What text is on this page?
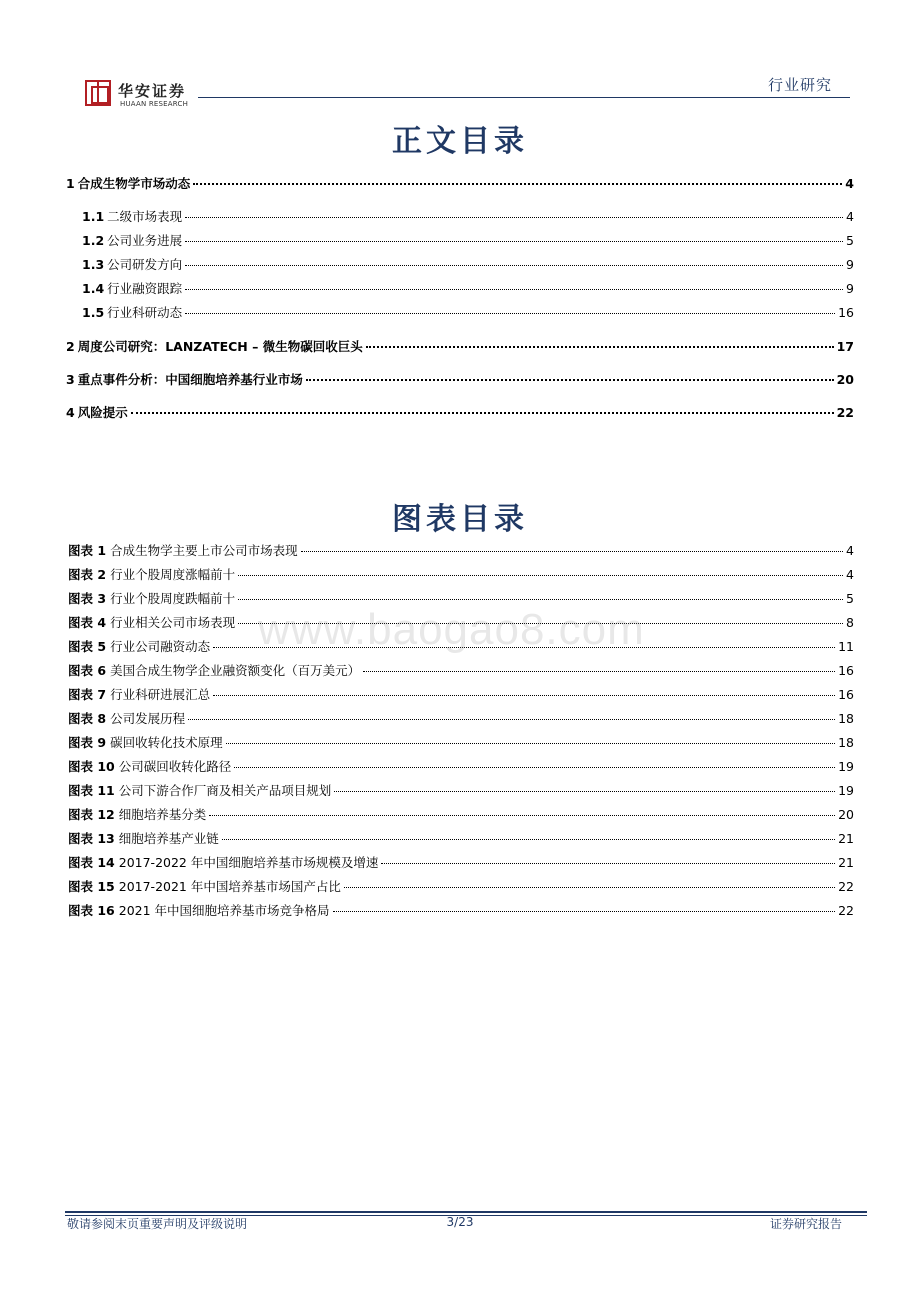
华安证券
HUAAN RESEARCH
行业研究
正文目录
1 合成生物学市场动态	4
1.1 二级市场表现	4
1.2 公司业务进展	5
1.3 公司研发方向	9
1.4 行业融资跟踪	9
1.5 行业科研动态	16
2 周度公司研究：LANZATECH – 微生物碳回收巨头	17
3 重点事件分析：中国细胞培养基行业市场	20
4 风险提示	22
图表目录
图表 1 合成生物学主要上市公司市场表现	4
图表 2 行业个股周度涨幅前十	4
图表 3 行业个股周度跌幅前十	5
图表 4 行业相关公司市场表现	8
图表 5 行业公司融资动态	11
图表 6 美国合成生物学企业融资额变化（百万美元）	16
图表 7 行业科研进展汇总	16
图表 8 公司发展历程	18
图表 9 碳回收转化技术原理	18
图表 10 公司碳回收转化路径	19
图表 11 公司下游合作厂商及相关产品项目规划	19
图表 12 细胞培养基分类	20
图表 13 细胞培养基产业链	21
图表 14 2017-2022 年中国细胞培养基市场规模及增速	21
图表 15 2017-2021 年中国培养基市场国产占比	22
图表 16 2021 年中国细胞培养基市场竞争格局	22
www.baogao8.com
敬请参阅末页重要声明及评级说明	3/23	证券研究报告
